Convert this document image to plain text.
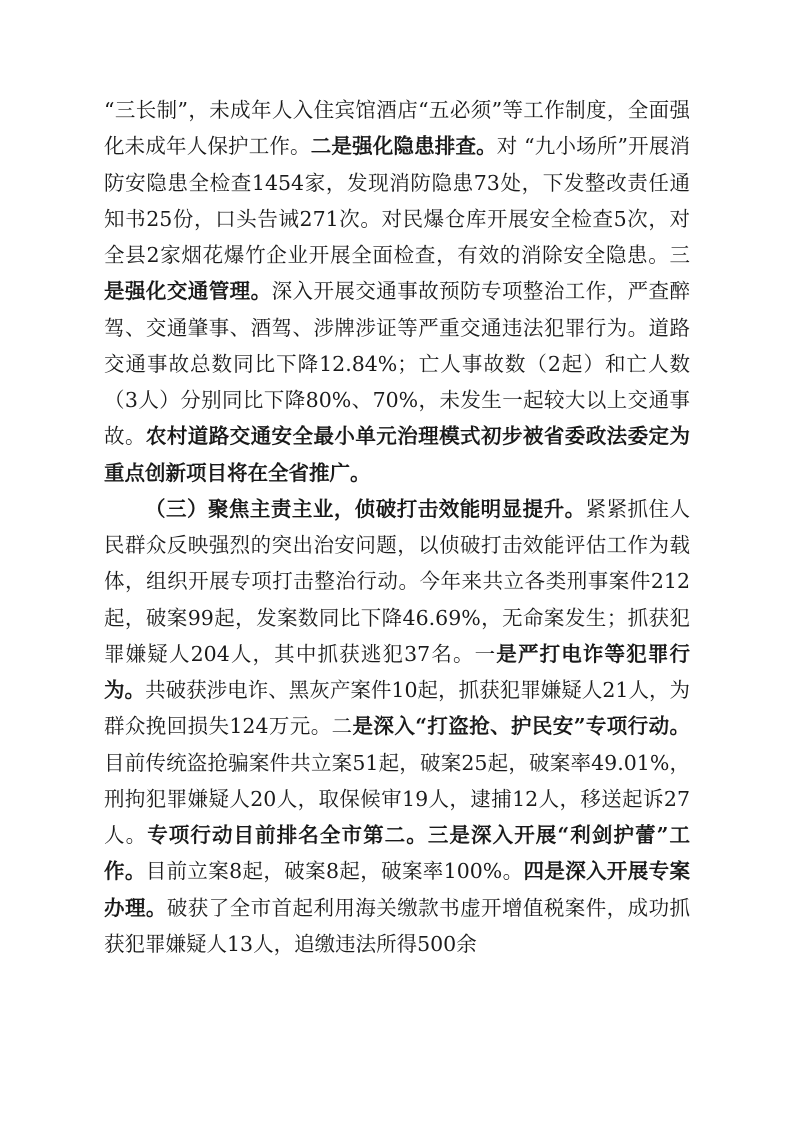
“三长制”，未成年人入住宾馆酒店“五必须”等工作制度，全面强化未成年人保护工作。二是强化隐患排查。对 “九小场所”开展消防安隐患全检查1454家，发现消防隐患73处，下发整改责任通知书25份，口头告诫271次。对民爆仓库开展安全检查5次，对全县2家烟花爆竹企业开展全面检查，有效的消除安全隐患。三是强化交通管理。深入开展交通事故预防专项整治工作，严查醉驾、交通肇事、酒驾、涉牌涉证等严重交通违法犯罪行为。道路交通事故总数同比下降12.84%；亡人事故数（2起）和亡人数（3人）分别同比下降80%、70%，未发生一起较大以上交通事故。农村道路交通安全最小单元治理模式初步被省委政法委定为重点创新项目将在全省推广。

（三）聚焦主责主业，侦破打击效能明显提升。紧紧抓住人民群众反映强烈的突出治安问题，以侦破打击效能评估工作为载体，组织开展专项打击整治行动。今年来共立各类刑事案件212起，破案99起，发案数同比下降46.69%，无命案发生；抓获犯罪嫌疑人204人，其中抓获逃犯37名。一是严打电诈等犯罪行为。共破获涉电诈、黑灰产案件10起，抓获犯罪嫌疑人21人，为群众挽回损失124万元。二是深入“打盗抢、护民安”专项行动。目前传统盗抢骗案件共立案51起，破案25起，破案率49.01%，刑拘犯罪嫌疑人20人，取保候审19人，逮捕12人，移送起诉27人。专项行动目前排名全市第二。三是深入开展“利剑护蕾”工作。目前立案8起，破案8起，破案率100%。四是深入开展专案办理。破获了全市首起利用海关缴款书虚开增值税案件，成功抓获犯罪嫌疑人13人，追缴违法所得500余
